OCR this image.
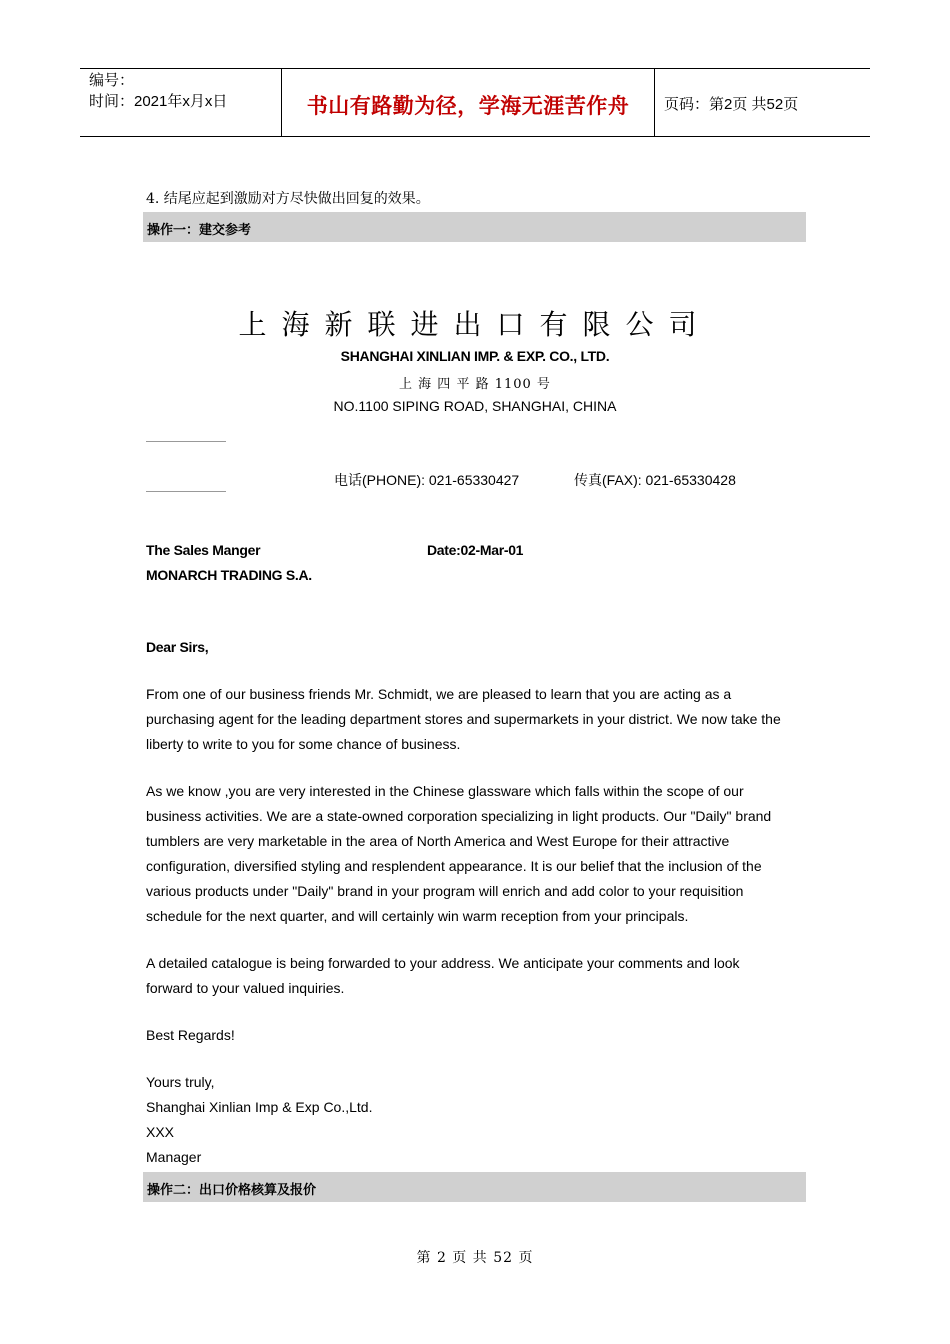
编号：
时间：2021年x月x日	书山有路勤为径，学海无涯苦作舟	页码：第2页 共52页
4. 结尾应起到激励对方尽快做出回复的效果。
操作一：建交参考
上海新联进出口有限公司
SHANGHAI XINLIAN IMP. & EXP. CO., LTD.
上 海 四 平 路 1100 号
NO.1100 SIPING ROAD, SHANGHAI, CHINA
电话(PHONE): 021-65330427	传真(FAX): 021-65330428
The Sales Manger	Date:02-Mar-01
MONARCH TRADING S.A.
Dear Sirs,
From one of our business friends Mr. Schmidt, we are pleased to learn that you are acting as a
purchasing agent for the leading department stores and supermarkets in your district. We now take the
liberty to write to you for some chance of business.
As we know ,you are very interested in the Chinese glassware which falls within the scope of our
business activities. We are a state-owned corporation specializing in light products. Our "Daily" brand
tumblers are very marketable in the area of North America and West Europe for their attractive
configuration, diversified styling and resplendent appearance. It is our belief that the inclusion of the
various products under "Daily" brand in your program will enrich and add color to your requisition
schedule for the next quarter, and will certainly win warm reception from your principals.
A detailed catalogue is being forwarded to your address. We anticipate your comments and look
forward to your valued inquiries.
Best Regards!
Yours truly,
Shanghai Xinlian Imp & Exp Co.,Ltd.
XXX
Manager
操作二：出口价格核算及报价
第 2 页 共 52 页
